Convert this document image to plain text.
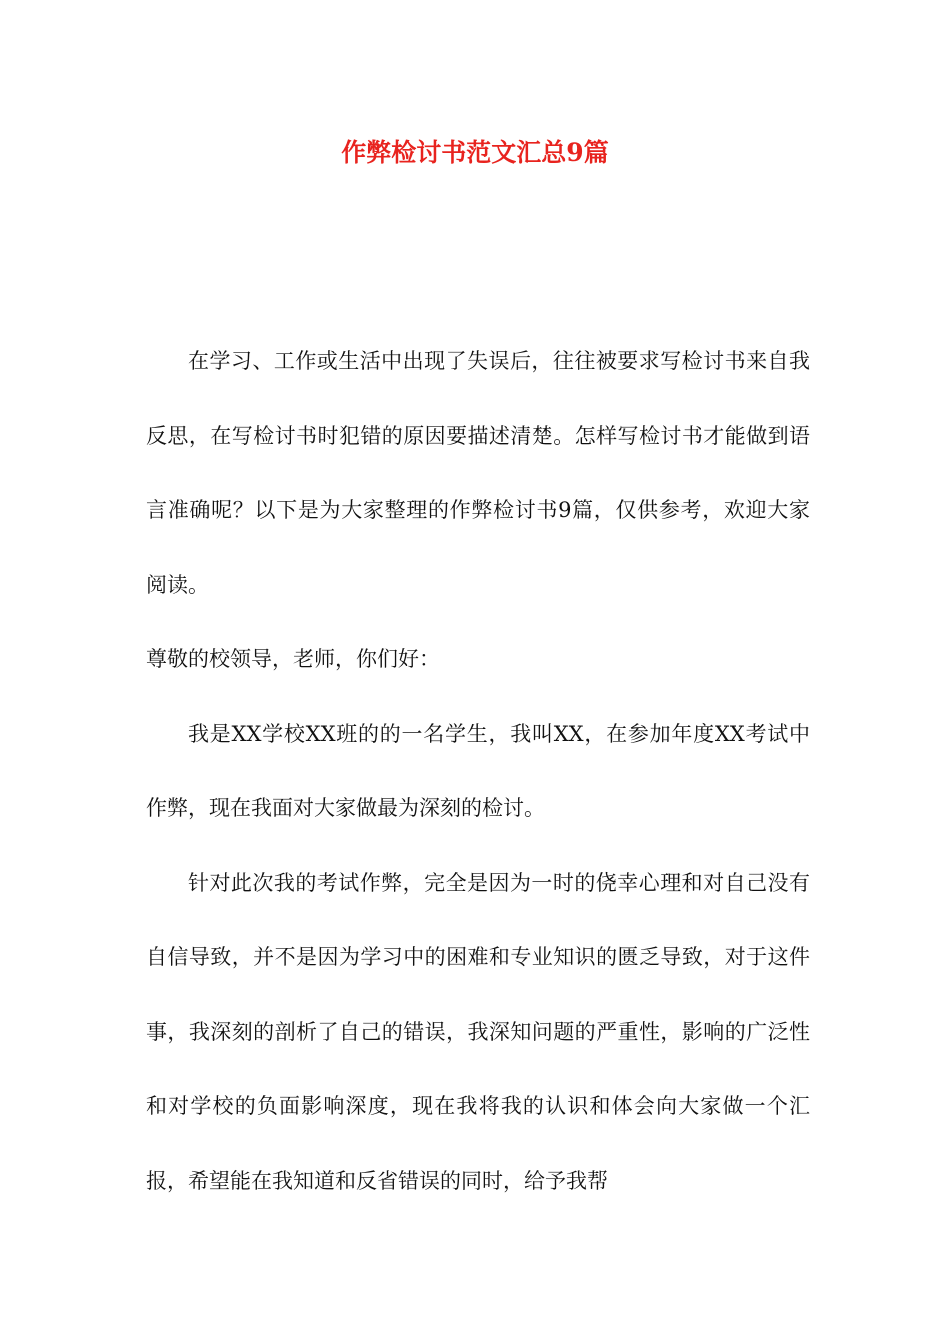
作弊检讨书范文汇总9篇

在学习、工作或生活中出现了失误后，往往被要求写检讨书来自我反思，在写检讨书时犯错的原因要描述清楚。怎样写检讨书才能做到语言准确呢？以下是为大家整理的作弊检讨书9篇，仅供参考，欢迎大家阅读。

尊敬的校领导，老师，你们好：

我是XX学校XX班的的一名学生，我叫XX，在参加年度XX考试中作弊，现在我面对大家做最为深刻的检讨。

针对此次我的考试作弊，完全是因为一时的侥幸心理和对自己没有自信导致，并不是因为学习中的困难和专业知识的匮乏导致，对于这件事，我深刻的剖析了自己的错误，我深知问题的严重性，影响的广泛性和对学校的负面影响深度，现在我将我的认识和体会向大家做一个汇报，希望能在我知道和反省错误的同时，给予我帮
